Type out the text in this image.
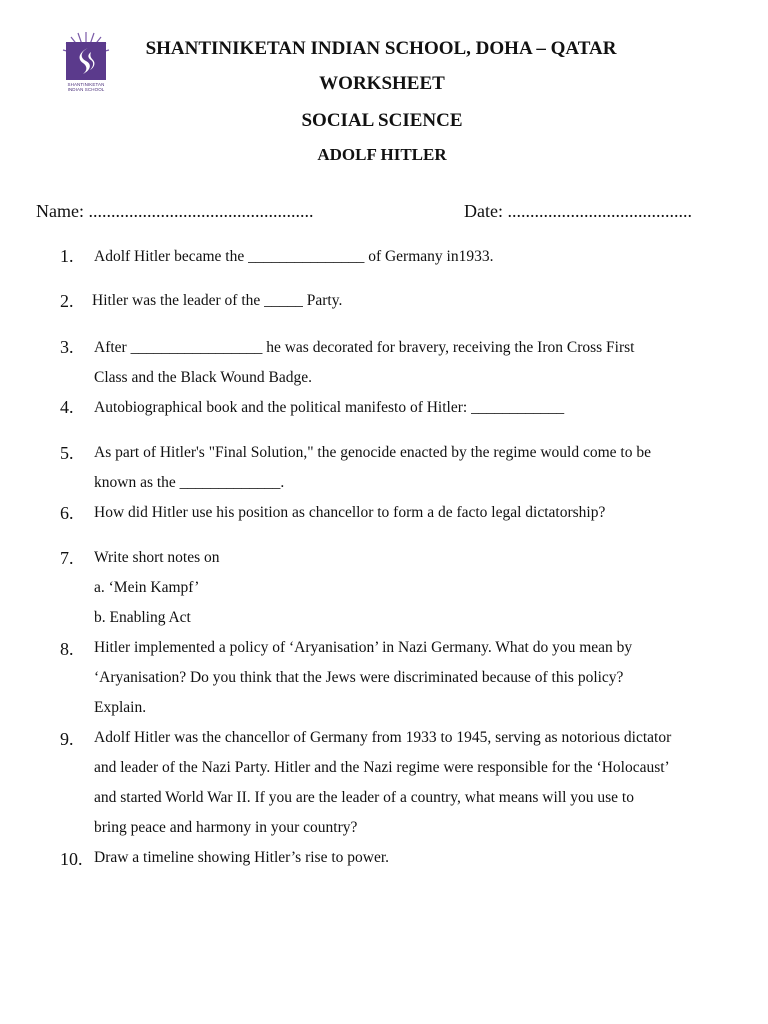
SHANTINIKETAN
INDIAN SCHOOL
SHANTINIKETAN INDIAN SCHOOL, DOHA – QATAR
WORKSHEET
SOCIAL SCIENCE
ADOLF HITLER
Name: ..................................................	Date: .........................................
1. Adolf Hitler became the _______________ of Germany in1933.
2. Hitler was the leader of the _____ Party.
3. After _________________ he was decorated for bravery, receiving the Iron Cross First
Class and the Black Wound Badge.
4. Autobiographical book and the political manifesto of Hitler: ____________
5. As part of Hitler's "Final Solution," the genocide enacted by the regime would come to be
known as the _____________.
6. How did Hitler use his position as chancellor to form a de facto legal dictatorship?
7. Write short notes on
a. ‘Mein Kampf’
b. Enabling Act
8. Hitler implemented a policy of ‘Aryanisation’ in Nazi Germany. What do you mean by
‘Aryanisation? Do you think that the Jews were discriminated because of this policy?
Explain.
9. Adolf Hitler was the chancellor of Germany from 1933 to 1945, serving as notorious dictator
and leader of the Nazi Party. Hitler and the Nazi regime were responsible for the ‘Holocaust’
and started World War II. If you are the leader of a country, what means will you use to
bring peace and harmony in your country?
10. Draw a timeline showing Hitler’s rise to power.
